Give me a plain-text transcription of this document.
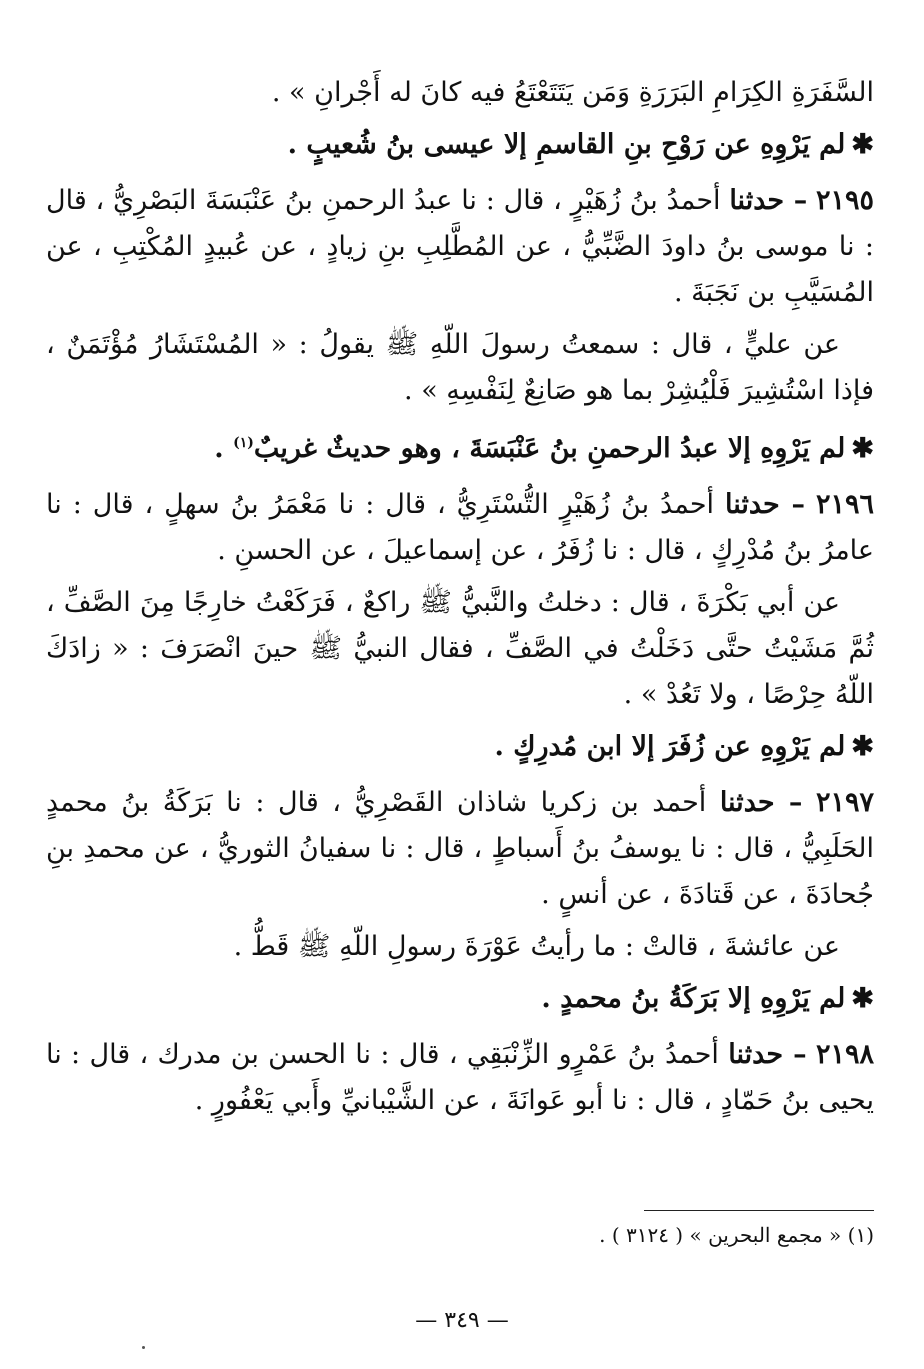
السَّفَرَةِ الكِرَامِ البَرَرَةِ وَمَن يَتَتَعْتَعُ فيه كانَ له أَجْرانِ » .

✱لم يَرْوِهِ عن رَوْحِ بنِ القاسمِ إلا عيسى بنُ شُعيبٍ .

٢١٩٥ – حدثنا أحمدُ بنُ زُهَيْرٍ ، قال : نا عبدُ الرحمنِ بنُ عَنْبَسَةَ البَصْرِيُّ ، قال : نا موسى بنُ داودَ الضَّبِّيُّ ، عن المُطَّلِبِ بنِ زيادٍ ، عن عُبيدٍ المُكْتِبِ ، عن المُسَيَّبِ بن نَجَبَةَ .

عن عليٍّ ، قال : سمعتُ رسولَ اللّهِ ﷺ يقولُ : « المُسْتَشَارُ مُؤْتَمَنٌ ، فإذا اسْتُشِيرَ فَلْيُشِرْ بما هو صَانِعٌ لِنَفْسِهِ » .

✱لم يَرْوِهِ إلا عبدُ الرحمنِ بنُ عَنْبَسَةَ ، وهو حديثٌ غريبٌ$^{(١)}$ .

٢١٩٦ – حدثنا أحمدُ بنُ زُهَيْرٍ التُّسْتَرِيُّ ، قال : نا مَعْمَرُ بنُ سهلٍ ، قال : نا عامرُ بنُ مُدْرِكٍ ، قال : نا زُفَرُ ، عن إسماعيلَ ، عن الحسنِ .

عن أبي بَكْرَةَ ، قال : دخلتُ والنَّبيُّ ﷺ راكعٌ ، فَرَكَعْتُ خارِجًا مِنَ الصَّفِّ ، ثُمَّ مَشَيْتُ حتَّى دَخَلْتُ في الصَّفِّ ، فقال النبيُّ ﷺ حينَ انْصَرَفَ : « زادَكَ اللّهُ حِرْصًا ، ولا تَعُدْ » .

✱لم يَرْوِهِ عن زُفَرَ إلا ابن مُدرِكٍ .

٢١٩٧ – حدثنا أحمد بن زكريا شاذان القَصْرِيُّ ، قال : نا بَرَكَةُ بنُ محمدٍ الحَلَبِيُّ ، قال : نا يوسفُ بنُ أَسباطٍ ، قال : نا سفيانُ الثوريُّ ، عن محمدِ بنِ جُحادَةَ ، عن قَتادَةَ ، عن أنسٍ .

عن عائشةَ ، قالتْ : ما رأيتُ عَوْرَةَ رسولِ اللّهِ ﷺ قَطُّ .

✱لم يَرْوِهِ إلا بَرَكَةُ بنُ محمدٍ .

٢١٩٨ – حدثنا أحمدُ بنُ عَمْرٍو الزِّنْبَقِي ، قال : نا الحسن بن مدرك ، قال : نا يحيى بنُ حَمّادٍ ، قال : نا أبو عَوانَةَ ، عن الشَّيْبانيِّ وأَبي يَعْفُورٍ .

(١) « مجمع البحرين » ( ٣١٢٤ ) .
— ٣٤٩ —
